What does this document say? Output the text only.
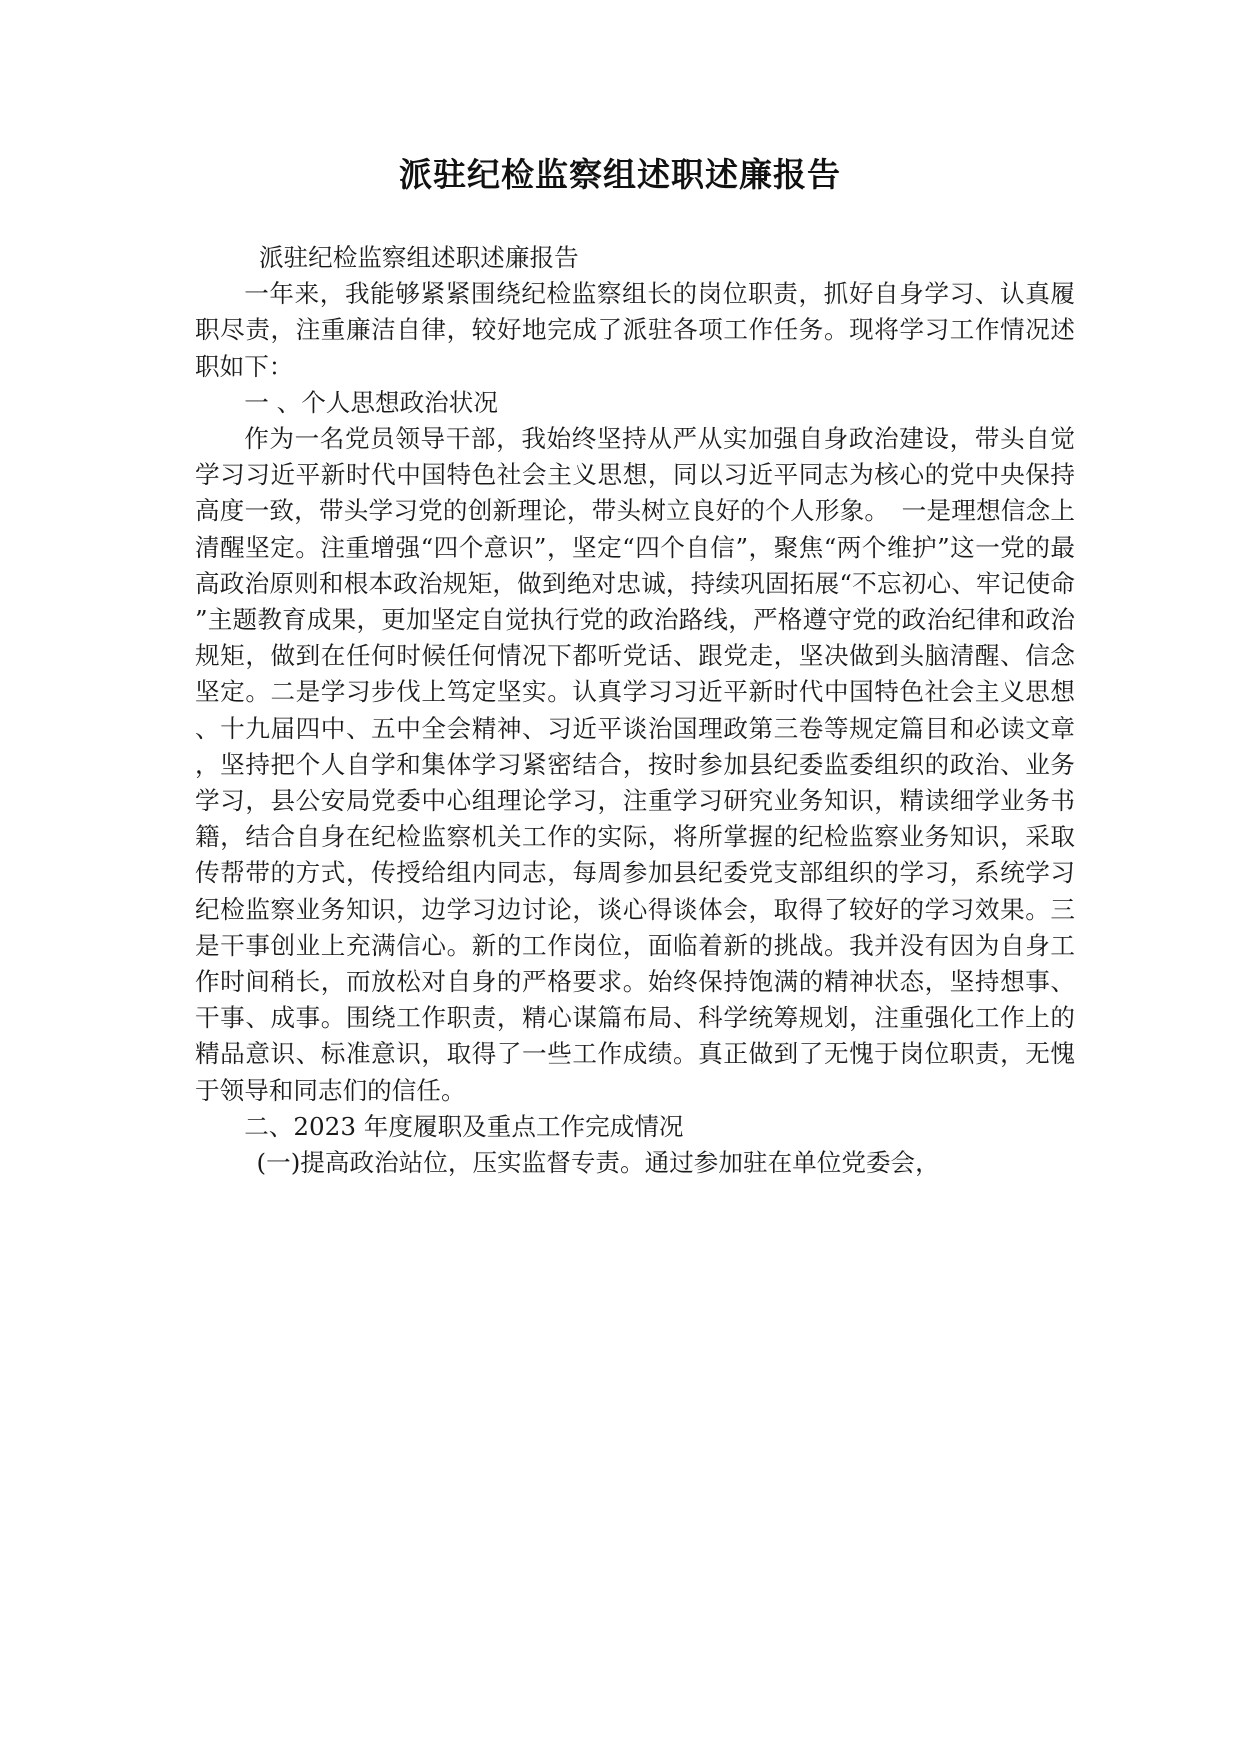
派驻纪检监察组述职述廉报告

派驻纪检监察组述职述廉报告

一年来，我能够紧紧围绕纪检监察组长的岗位职责，抓好自身学习、认真履职尽责，注重廉洁自律，较好地完成了派驻各项工作任务。现将学习工作情况述职如下：

一 、个人思想政治状况

作为一名党员领导干部，我始终坚持从严从实加强自身政治建设，带头自觉学习习近平新时代中国特色社会主义思想，同以习近平同志为核心的党中央保持高度一致，带头学习党的创新理论，带头树立良好的个人形象。　一是理想信念上清醒坚定。注重增强“四个意识”，坚定“四个自信”，聚焦“两个维护”这一党的最高政治原则和根本政治规矩，做到绝对忠诚，持续巩固拓展“不忘初心、牢记使命”主题教育成果，更加坚定自觉执行党的政治路线，严格遵守党的政治纪律和政治规矩，做到在任何时候任何情况下都听党话、跟党走，坚决做到头脑清醒、信念坚定。二是学习步伐上笃定坚实。认真学习习近平新时代中国特色社会主义思想、十九届四中、五中全会精神、习近平谈治国理政第三卷等规定篇目和必读文章，坚持把个人自学和集体学习紧密结合，按时参加县纪委监委组织的政治、业务学习，县公安局党委中心组理论学习，注重学习研究业务知识，精读细学业务书籍，结合自身在纪检监察机关工作的实际，将所掌握的纪检监察业务知识，采取传帮带的方式，传授给组内同志，每周参加县纪委党支部组织的学习，系统学习纪检监察业务知识，边学习边讨论，谈心得谈体会，取得了较好的学习效果。三是干事创业上充满信心。新的工作岗位，面临着新的挑战。我并没有因为自身工作时间稍长，而放松对自身的严格要求。始终保持饱满的精神状态，坚持想事、干事、成事。围绕工作职责，精心谋篇布局、科学统筹规划，注重强化工作上的精品意识、标准意识，取得了一些工作成绩。真正做到了无愧于岗位职责，无愧于领导和同志们的信任。

二、2023 年度履职及重点工作完成情况

(一)提高政治站位，压实监督专责。通过参加驻在单位党委会，
